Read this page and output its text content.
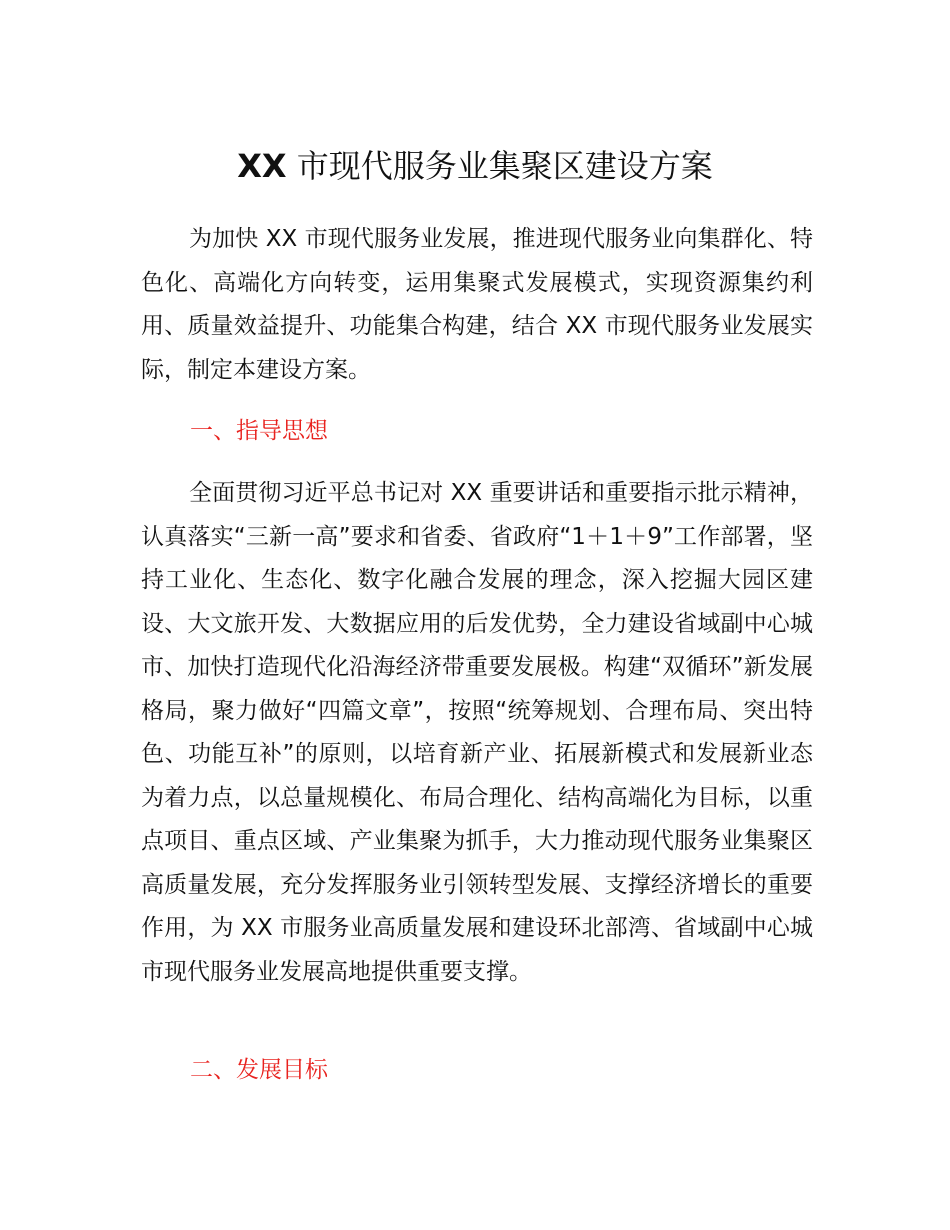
XX 市现代服务业集聚区建设方案

为加快 XX 市现代服务业发展，推进现代服务业向集群化、特色化、高端化方向转变，运用集聚式发展模式，实现资源集约利用、质量效益提升、功能集合构建，结合 XX 市现代服务业发展实际，制定本建设方案。

一、指导思想

全面贯彻习近平总书记对 XX 重要讲话和重要指示批示精神，认真落实“三新一高”要求和省委、省政府“1＋1＋9”工作部署，坚持工业化、生态化、数字化融合发展的理念，深入挖掘大园区建设、大文旅开发、大数据应用的后发优势，全力建设省域副中心城市、加快打造现代化沿海经济带重要发展极。构建“双循环”新发展格局，聚力做好“四篇文章”，按照“统筹规划、合理布局、突出特色、功能互补”的原则，以培育新产业、拓展新模式和发展新业态为着力点，以总量规模化、布局合理化、结构高端化为目标，以重点项目、重点区域、产业集聚为抓手，大力推动现代服务业集聚区高质量发展，充分发挥服务业引领转型发展、支撑经济增长的重要作用，为 XX 市服务业高质量发展和建设环北部湾、省域副中心城市现代服务业发展高地提供重要支撑。

二、发展目标
